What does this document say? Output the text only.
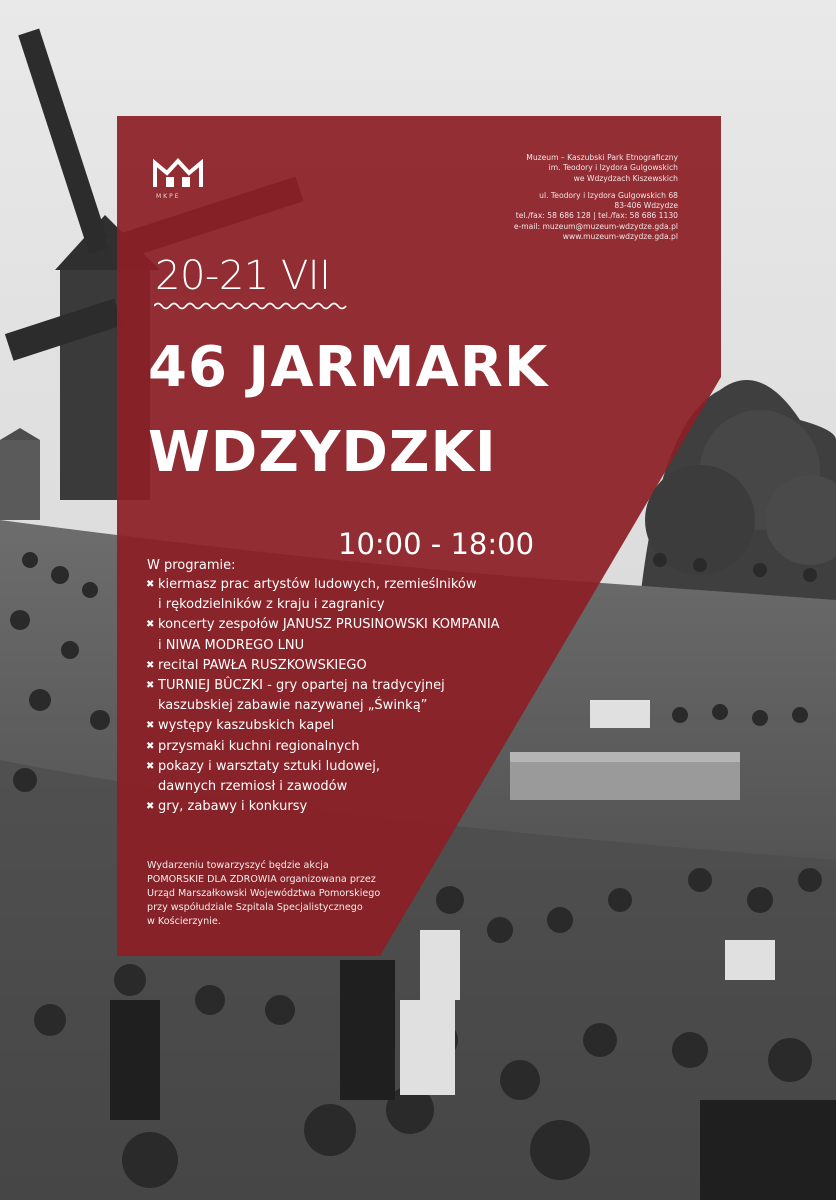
MKPE
Muzeum – Kaszubski Park Etnograficzny
im. Teodory i Izydora Gulgowskich
we Wdzydzach Kiszewskich
ul. Teodory i Izydora Gulgowskich 68
83-406 Wdzydze
tel./fax: 58 686 128 | tel./fax: 58 686 1130
e-mail: muzeum@muzeum-wdzydze.gda.pl
www.muzeum-wdzydze.gda.pl
20-21 VII
46 JARMARK
WDZYDZKI
10:00 - 18:00
W programie:
✖ kiermasz prac artystów ludowych, rzemieślników
i rękodzielników z kraju i zagranicy
✖ koncerty zespołów JANUSZ PRUSINOWSKI KOMPANIA
i NIWA MODREGO LNU
✖ recital PAWŁA RUSZKOWSKIEGO
✖ TURNIEJ BÛCZKI - gry opartej na tradycyjnej
kaszubskiej zabawie nazywanej „Świnką”
✖ występy kaszubskich kapel
✖ przysmaki kuchni regionalnych
✖ pokazy i warsztaty sztuki ludowej,
dawnych rzemiosł i zawodów
✖ gry, zabawy i konkursy
Wydarzeniu towarzyszyć będzie akcja
POMORSKIE DLA ZDROWIA organizowana przez
Urząd Marszałkowski Województwa Pomorskiego
przy współudziale Szpitala Specjalistycznego
w Kościerzynie.
